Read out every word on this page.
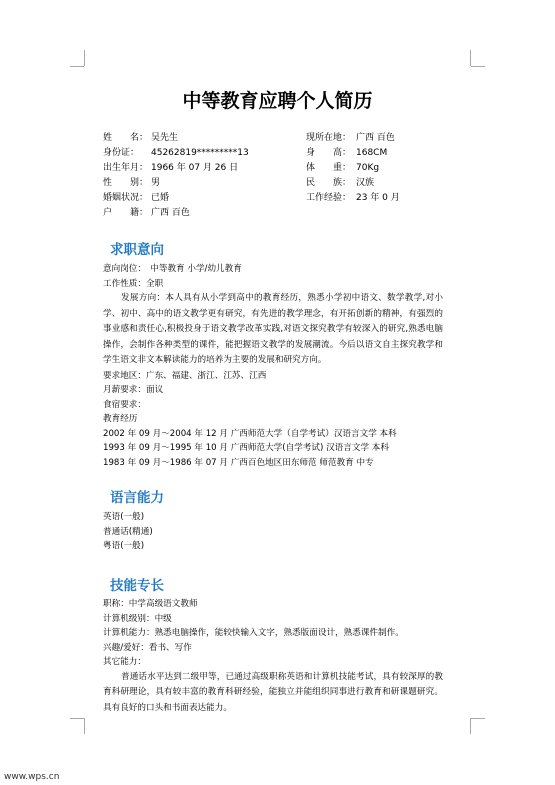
中等教育应聘个人简历
姓　　名： 吴先生
身份证： 45262819*********13
出生年月： 1966 年 07 月 26 日
性　　别： 男
婚姻状况： 已婚
户　　籍： 广西 百色
现所在地： 广西 百色
身　　高： 168CM
体　　重： 70Kg
民　　族： 汉族
工作经验： 23 年 0 月
求职意向
意向岗位：　中等教育 小学/幼儿教育
工作性质：全职
发展方向：本人具有从小学到高中的教育经历，熟悉小学初中语文、数学教学,对小学、初中、高中的语文教学更有研究，有先进的教学理念，有开拓创新的精神，有强烈的事业感和责任心,积极投身于语文教学改革实践,对语文探究教学有较深入的研究,熟悉电脑操作，会制作各种类型的课件，能把握语文教学的发展潮流。今后以语文自主探究教学和学生语文非文本解读能力的培养为主要的发展和研究方向。
要求地区：广东、福建、浙江、江苏、江西
月薪要求：面议
食宿要求：
教育经历
2002 年 09 月～2004 年 12 月 广西师范大学（自学考试）汉语言文学 本科
1993 年 09 月～1995 年 10 月 广西师范大学(自学考试) 汉语言文学 本科
1983 年 09 月～1986 年 07 月 广西百色地区田东师范 师范教育 中专
语言能力
英语(一般)
普通话(精通)
粤语(一般)
技能专长
职称：中学高级语文教师
计算机级别：中级
计算机能力：熟悉电脑操作，能较快输入文字，熟悉版面设计，熟悉课件制作。
兴趣/爱好：看书、写作
其它能力：
普通话水平达到二级甲等，已通过高级职称英语和计算机技能考试，具有较深厚的教育科研理论，具有较丰富的教育科研经验，能独立并能组织同事进行教育和研课题研究。具有良好的口头和书面表达能力。
www.wps.cn
